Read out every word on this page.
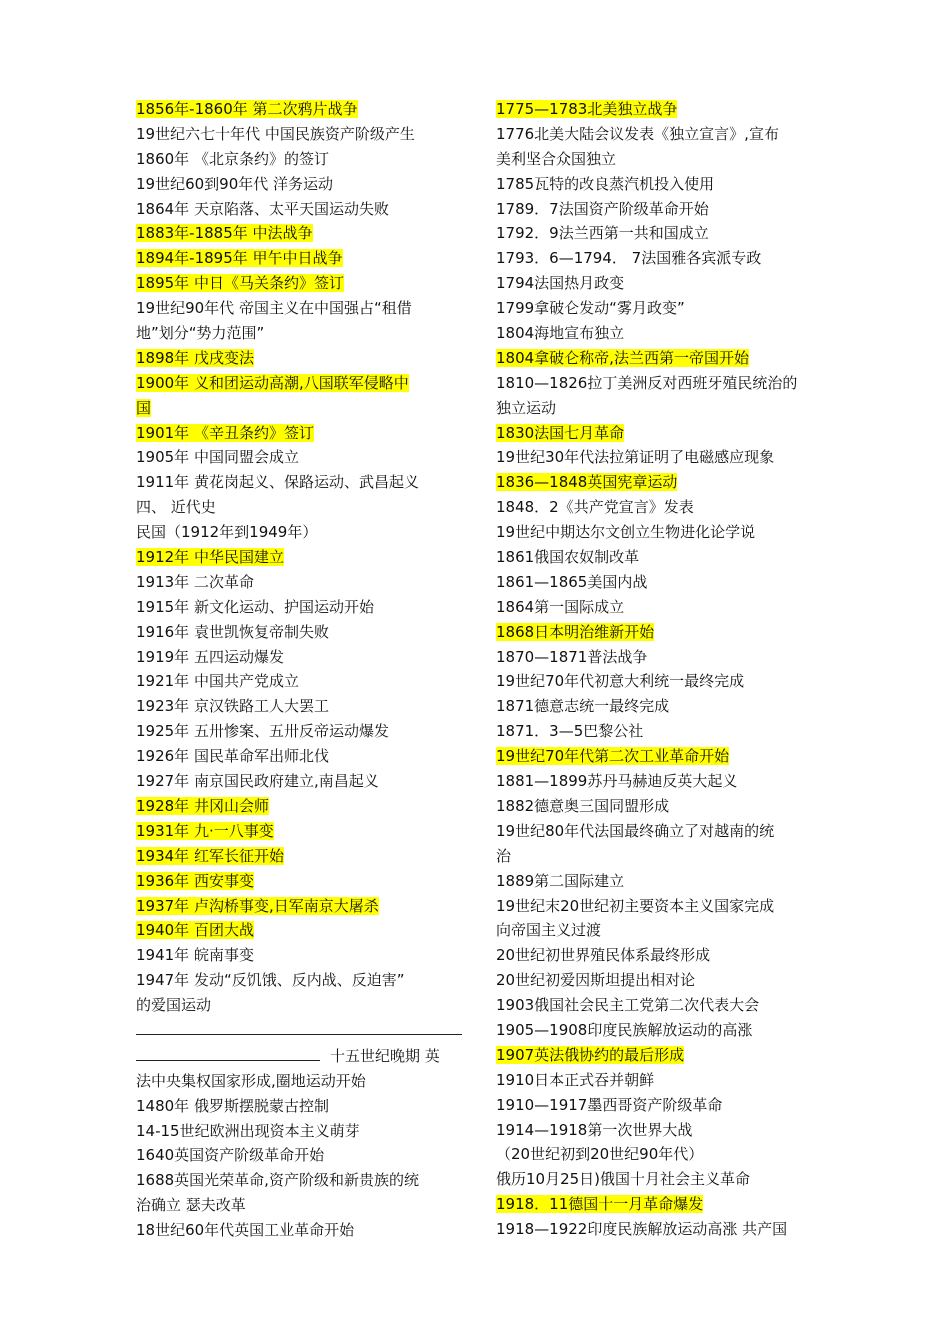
1856年-1860年 第二次鸦片战争
19世纪六七十年代 中国民族资产阶级产生
1860年 《北京条约》的签订
19世纪60到90年代 洋务运动
1864年 天京陷落、太平天国运动失败
1883年-1885年 中法战争
1894年-1895年 甲午中日战争
1895年 中日《马关条约》签订
19世纪90年代 帝国主义在中国强占“租借
地”划分“势力范围”
1898年 戊戌变法
1900年 义和团运动高潮,八国联军侵略中
国
1901年 《辛丑条约》签订
1905年 中国同盟会成立
1911年 黄花岗起义、保路运动、武昌起义
四、 近代史
民国（1912年到1949年）
1912年 中华民国建立
1913年 二次革命
1915年 新文化运动、护国运动开始
1916年 袁世凯恢复帝制失败
1919年 五四运动爆发
1921年 中国共产党成立
1923年 京汉铁路工人大罢工
1925年 五卅惨案、五卅反帝运动爆发
1926年 国民革命军出师北伐
1927年 南京国民政府建立,南昌起义
1928年 井冈山会师
1931年 九·一八事变
1934年 红军长征开始
1936年 西安事变
1937年 卢沟桥事变,日军南京大屠杀
1940年 百团大战
1941年 皖南事变
1947年 发动“反饥饿、反内战、反迫害”
的爱国运动
十五世纪晚期 英
法中央集权国家形成,圈地运动开始
1480年 俄罗斯摆脱蒙古控制
14-15世纪欧洲出现资本主义萌芽
1640英国资产阶级革命开始
1688英国光荣革命,资产阶级和新贵族的统
治确立 瑟夫改革
18世纪60年代英国工业革命开始
1775—1783北美独立战争
1776北美大陆会议发表《独立宣言》,宣布
美利坚合众国独立
1785瓦特的改良蒸汽机投入使用
1789．7法国资产阶级革命开始
1792．9法兰西第一共和国成立
1793．6—1794． 7法国雅各宾派专政
1794法国热月政变
1799拿破仑发动“雾月政变”
1804海地宣布独立
1804拿破仑称帝,法兰西第一帝国开始
1810—1826拉丁美洲反对西班牙殖民统治的
独立运动
1830法国七月革命
19世纪30年代法拉第证明了电磁感应现象
1836—1848英国宪章运动
1848．2《共产党宣言》发表
19世纪中期达尔文创立生物进化论学说
1861俄国农奴制改革
1861—1865美国内战
1864第一国际成立
1868日本明治维新开始
1870—1871普法战争
19世纪70年代初意大利统一最终完成
1871德意志统一最终完成
1871．3—5巴黎公社
19世纪70年代第二次工业革命开始
1881—1899苏丹马赫迪反英大起义
1882德意奥三国同盟形成
19世纪80年代法国最终确立了对越南的统
治
1889第二国际建立
19世纪末20世纪初主要资本主义国家完成
向帝国主义过渡
20世纪初世界殖民体系最终形成
20世纪初爱因斯坦提出相对论
1903俄国社会民主工党第二次代表大会
1905—1908印度民族解放运动的高涨
1907英法俄协约的最后形成
1910日本正式吞并朝鲜
1910—1917墨西哥资产阶级革命
1914—1918第一次世界大战
（20世纪初到20世纪90年代）
俄历10月25日)俄国十月社会主义革命
1918．11德国十一月革命爆发
1918—1922印度民族解放运动高涨 共产国
